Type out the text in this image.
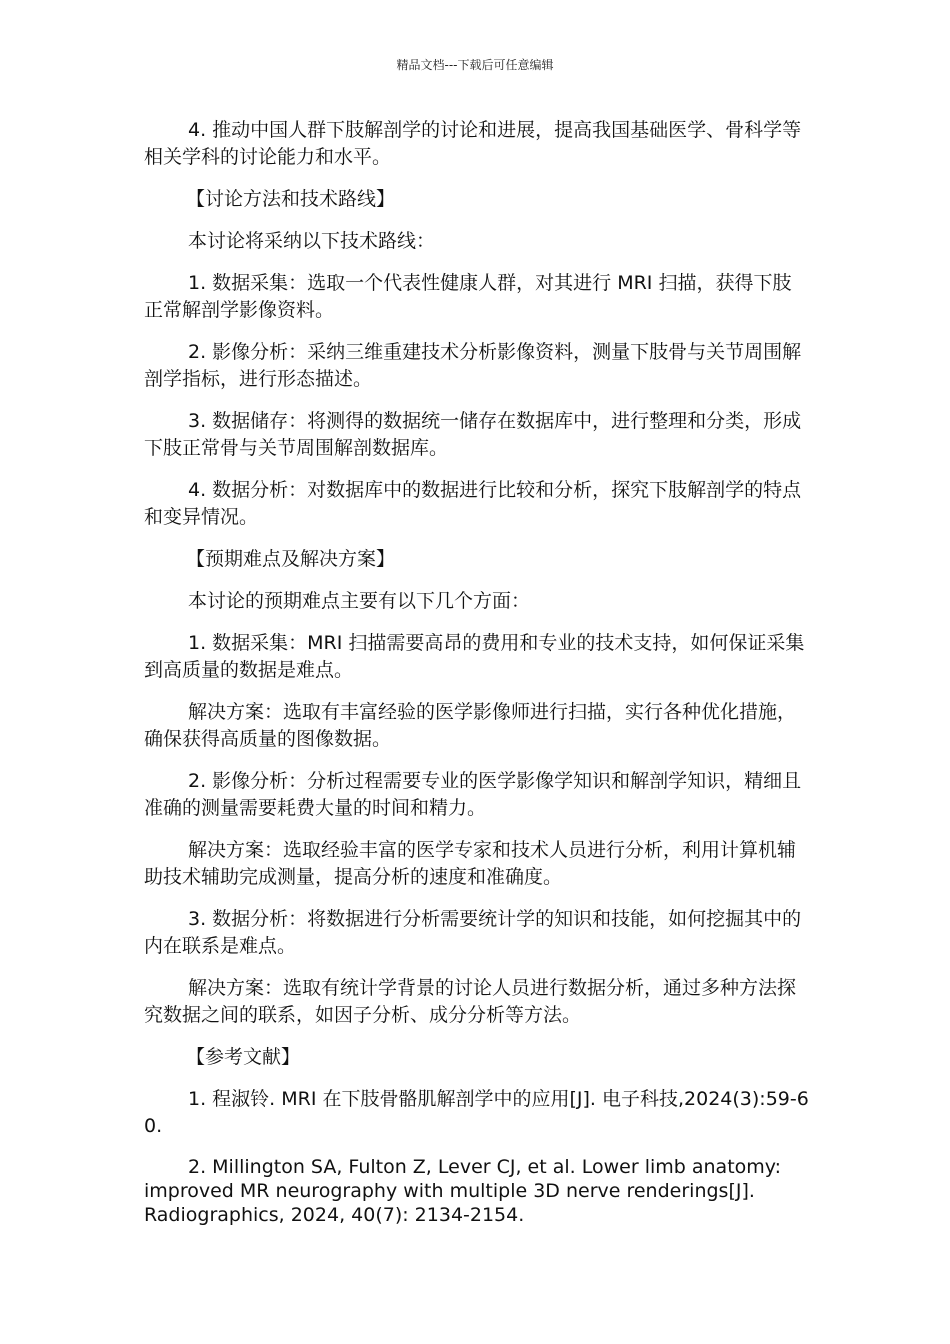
精品文档---下载后可任意编辑

4. 推动中国人群下肢解剖学的讨论和进展，提高我国基础医学、骨科学等相关学科的讨论能力和水平。

【讨论方法和技术路线】

本讨论将采纳以下技术路线：

1. 数据采集：选取一个代表性健康人群，对其进行 MRI 扫描，获得下肢正常解剖学影像资料。

2. 影像分析：采纳三维重建技术分析影像资料，测量下肢骨与关节周围解剖学指标，进行形态描述。

3. 数据储存：将测得的数据统一储存在数据库中，进行整理和分类，形成下肢正常骨与关节周围解剖数据库。

4. 数据分析：对数据库中的数据进行比较和分析，探究下肢解剖学的特点和变异情况。

【预期难点及解决方案】

本讨论的预期难点主要有以下几个方面：

1. 数据采集：MRI 扫描需要高昂的费用和专业的技术支持，如何保证采集到高质量的数据是难点。

解决方案：选取有丰富经验的医学影像师进行扫描，实行各种优化措施，确保获得高质量的图像数据。

2. 影像分析：分析过程需要专业的医学影像学知识和解剖学知识，精细且准确的测量需要耗费大量的时间和精力。

解决方案：选取经验丰富的医学专家和技术人员进行分析，利用计算机辅助技术辅助完成测量，提高分析的速度和准确度。

3. 数据分析：将数据进行分析需要统计学的知识和技能，如何挖掘其中的内在联系是难点。

解决方案：选取有统计学背景的讨论人员进行数据分析，通过多种方法探究数据之间的联系，如因子分析、成分分析等方法。

【参考文献】

1. 程淑铃. MRI 在下肢骨骼肌解剖学中的应用[J]. 电子科技,2024(3):59-60.

2. Millington SA, Fulton Z, Lever CJ, et al. Lower limb anatomy: improved MR neurography with multiple 3D nerve renderings[J]. Radiographics, 2024, 40(7): 2134-2154.
